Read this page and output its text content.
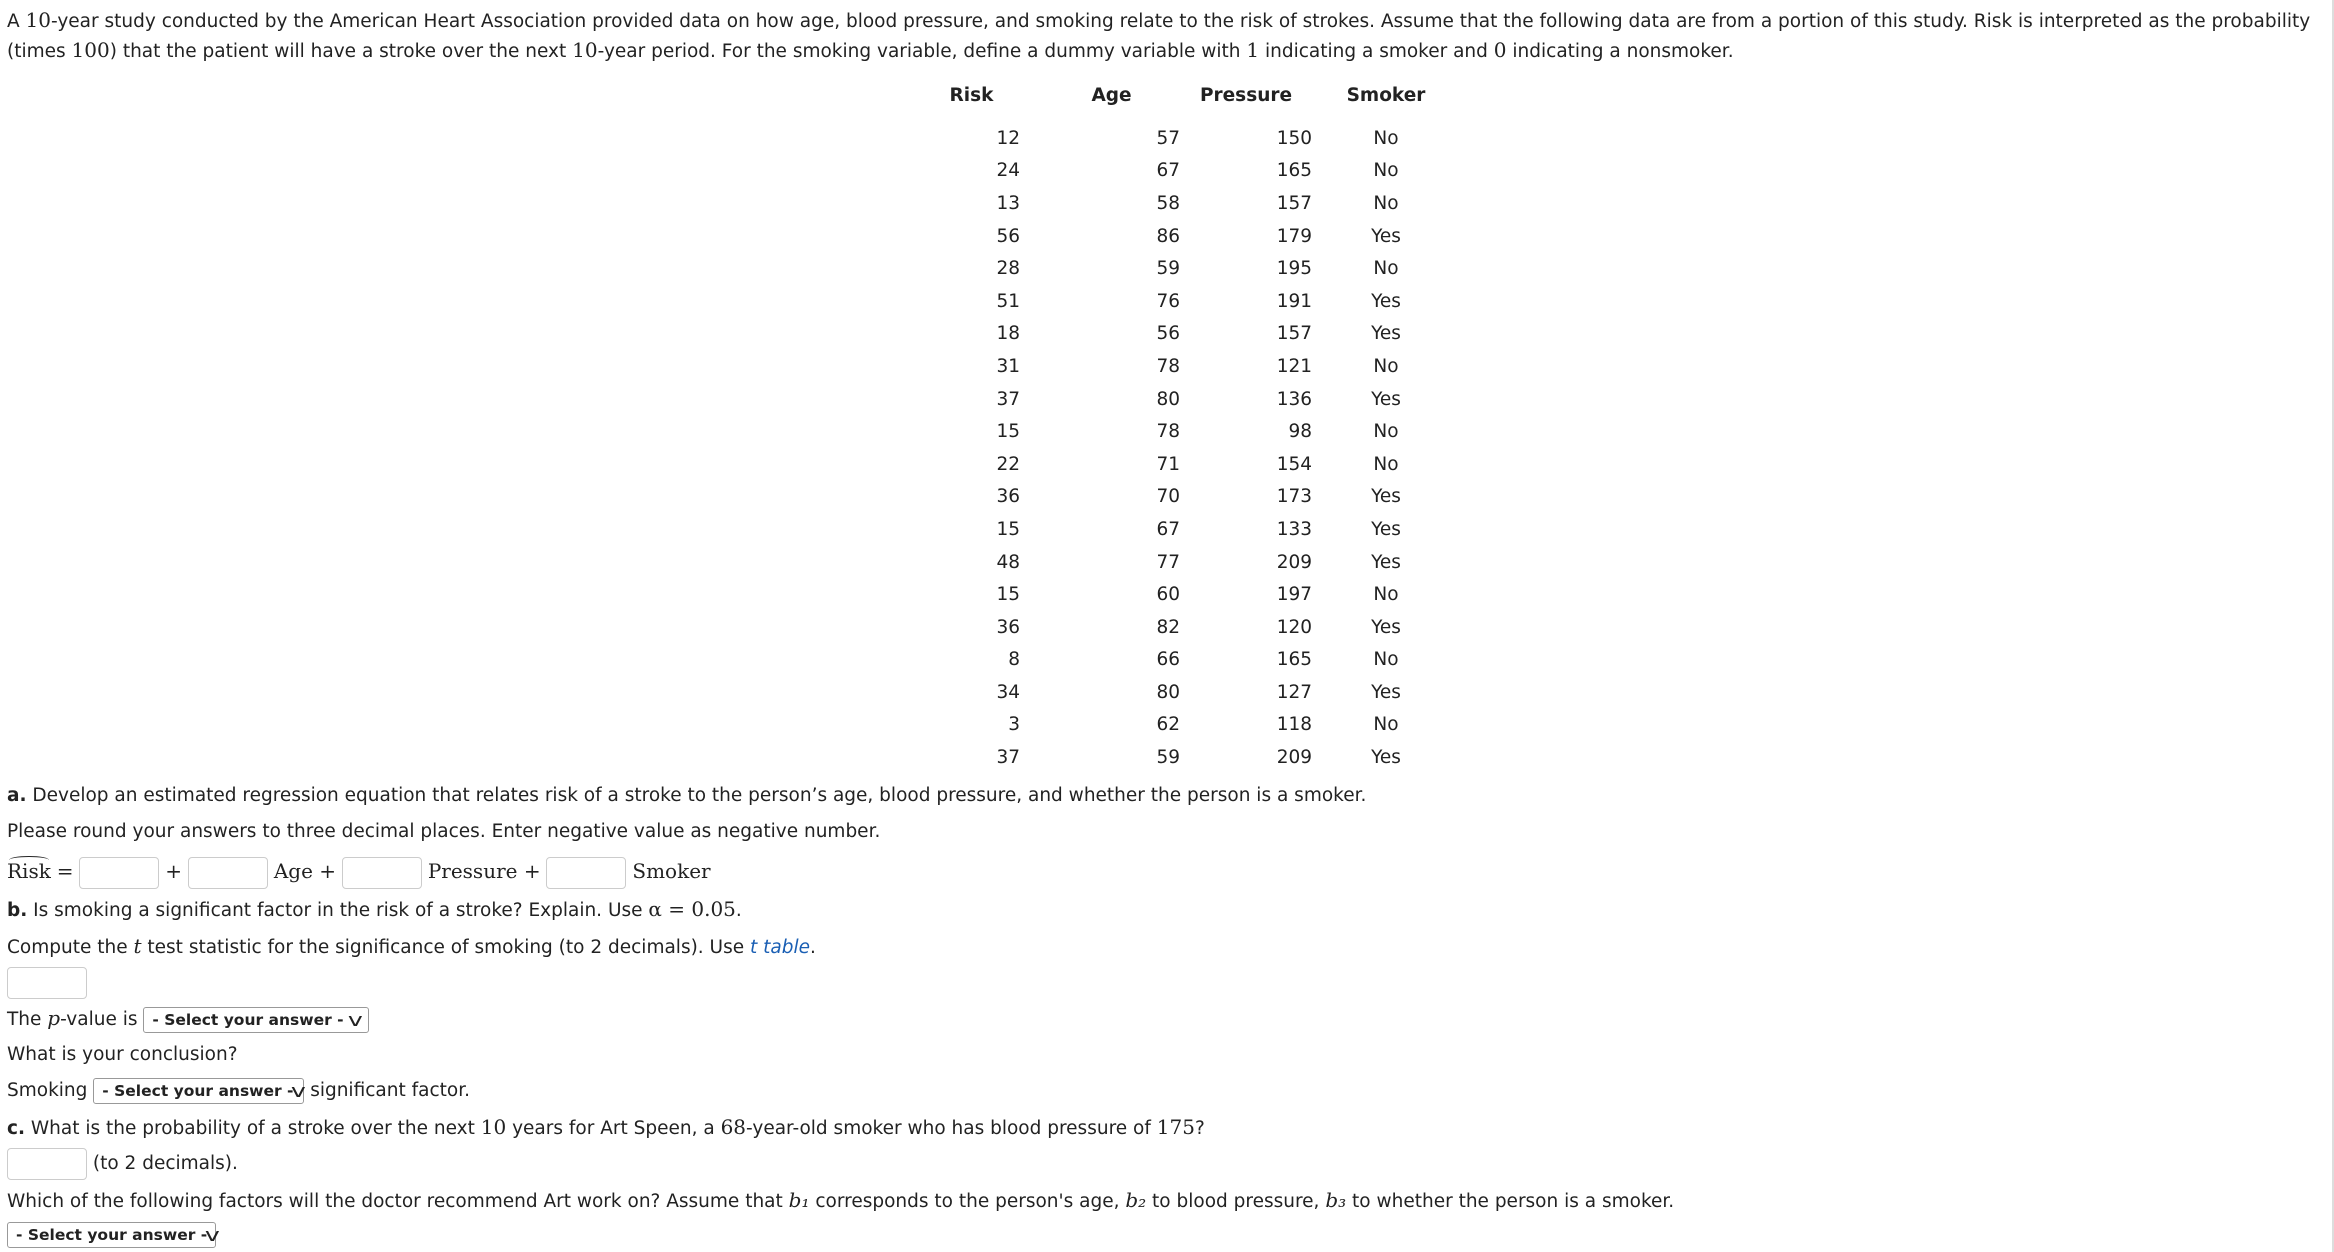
A 10-year study conducted by the American Heart Association provided data on how age, blood pressure, and smoking relate to the risk of strokes. Assume that the following data are from a portion of this study. Risk is interpreted as the probability (times 100) that the patient will have a stroke over the next 10-year period. For the smoking variable, define a dummy variable with 1 indicating a smoker and 0 indicating a nonsmoker.
Risk	Age	Pressure	Smoker

12	57	150	No
24	67	165	No
13	58	157	No
56	86	179	Yes
28	59	195	No
51	76	191	Yes
18	56	157	Yes
31	78	121	No
37	80	136	Yes
15	78	98	No
22	71	154	No
36	70	173	Yes
15	67	133	Yes
48	77	209	Yes
15	60	197	No
36	82	120	Yes
8	66	165	No
34	80	127	Yes
3	62	118	No
37	59	209	Yes
a. Develop an estimated regression equation that relates risk of a stroke to the person’s age, blood pressure, and whether the person is a smoker.
Please round your answers to three decimal places. Enter negative value as negative number.
Risk =	+	Age +	Pressure +	Smoker
b. Is smoking a significant factor in the risk of a stroke? Explain. Use α = 0.05.
Compute the t test statistic for the significance of smoking (to 2 decimals). Use t table.
The p-value is - Select your answer - v
What is your conclusion?
Smoking - Select your answer -
v significant factor.
c. What is the probability of a stroke over the next 10 years for Art Speen, a 68-year-old smoker who has blood pressure of 175?
(to 2 decimals).
Which of the following factors will the doctor recommend Art work on? Assume that b₁ corresponds to the person's age, b₂ to blood pressure, b₃ to whether the person is a smoker.
- Select your answer -
v
